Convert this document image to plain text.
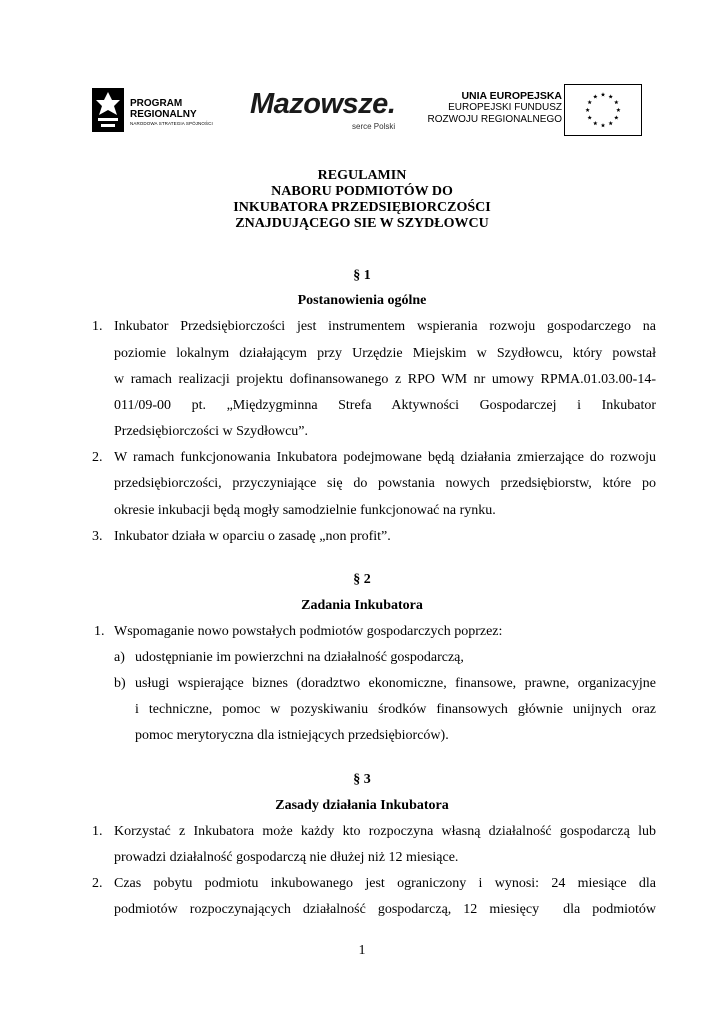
PROGRAM
REGIONALNY
NARODOWA STRATEGIA SPÓJNOŚCI
Mazowsze.
serce Polski
UNIA EUROPEJSKA
EUROPEJSKI FUNDUSZ
ROZWOJU REGIONALNEGO
REGULAMIN
NABORU PODMIOTÓW DO
INKUBATORA PRZEDSIĘBIORCZOŚCI
ZNAJDUJĄCEGO SIE W SZYDŁOWCU
§ 1
Postanowienia ogólne
1. Inkubator Przedsiębiorczości jest instrumentem wspierania rozwoju gospodarczego na
poziomie lokalnym działającym przy Urzędzie Miejskim w Szydłowcu, który powstał
w ramach realizacji projektu dofinansowanego z RPO WM nr umowy RPMA.01.03.00-14-
011/09-00 pt. „Międzygminna Strefa Aktywności Gospodarczej i Inkubator
Przedsiębiorczości w Szydłowcu”.
2. W ramach funkcjonowania Inkubatora podejmowane będą działania zmierzające do rozwoju
przedsiębiorczości, przyczyniające się do powstania nowych przedsiębiorstw, które po
okresie inkubacji będą mogły samodzielnie funkcjonować na rynku.
3. Inkubator działa w oparciu o zasadę „non profit”.
§ 2
Zadania Inkubatora
1. Wspomaganie nowo powstałych podmiotów gospodarczych poprzez:
a) udostępnianie im powierzchni na działalność gospodarczą,
b) usługi wspierające biznes (doradztwo ekonomiczne, finansowe, prawne, organizacyjne
i techniczne, pomoc w pozyskiwaniu środków finansowych głównie unijnych oraz
pomoc merytoryczna dla istniejących przedsiębiorców).
§ 3
Zasady działania Inkubatora
1. Korzystać z Inkubatora może każdy kto rozpoczyna własną działalność gospodarczą lub
prowadzi działalność gospodarczą nie dłużej niż 12 miesiące.
2. Czas pobytu podmiotu inkubowanego jest ograniczony i wynosi: 24 miesiące dla
podmiotów rozpoczynających działalność gospodarczą, 12 miesięcy  dla podmiotów
1
